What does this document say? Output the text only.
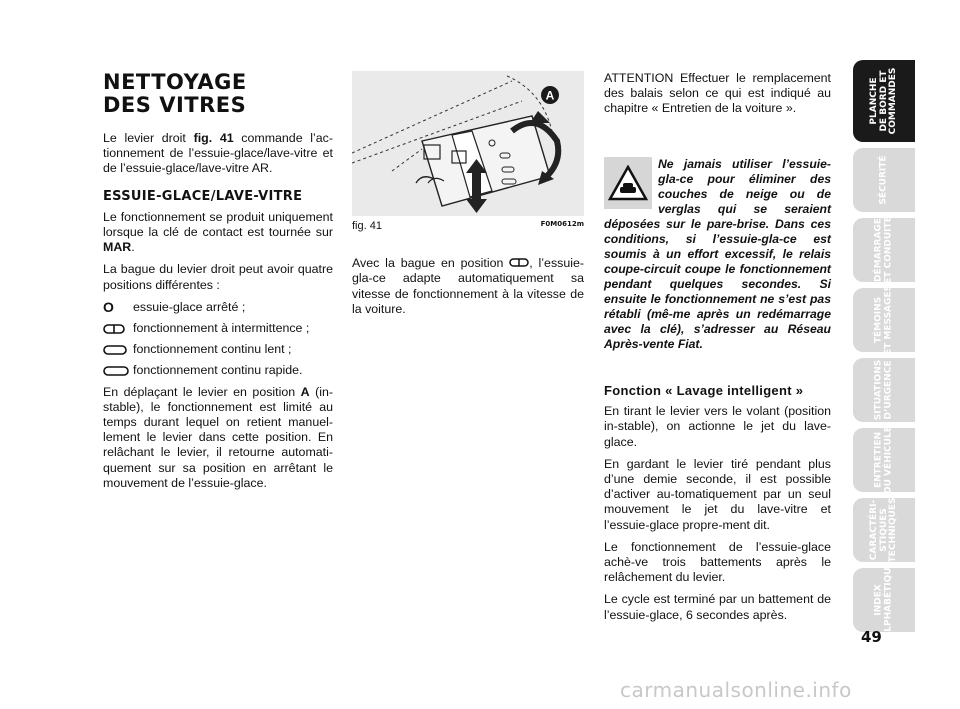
NETTOYAGE
DES VITRES

Le levier droit fig. 41 commande l’ac-tionnement de l’essuie-glace/lave-vitre et de l’essuie-glace/lave-vitre AR.

ESSUIE-GLACE/LAVE-VITRE

Le fonctionnement se produit uniquement lorsque la clé de contact est tournée sur MAR.

La bague du levier droit peut avoir quatre positions différentes :

O essuie-glace arrêté ;
fonctionnement à intermittence ;
fonctionnement continu lent ;
fonctionnement continu rapide.

En déplaçant le levier en position A (in-stable), le fonctionnement est limité au temps durant lequel on retient manuel-lement le levier dans cette position. En relâchant le levier, il retourne automati-quement sur sa position en arrêtant le mouvement de l’essuie-glace.

A
fig. 41	F0M0612m

Avec la bague en position , l’essuie-gla-ce adapte automatiquement sa vitesse de fonctionnement à la vitesse de la voiture.

ATTENTION Effectuer le remplacement des balais selon ce qui est indiqué au chapitre « Entretien de la voiture ».

Ne jamais utiliser l’essuie-gla-ce pour éliminer des couches de neige ou de verglas qui se seraient déposées sur le pare-brise. Dans ces conditions, si l’essuie-gla-ce est soumis à un effort excessif, le relais coupe-circuit coupe le fonctionnement pendant quelques secondes. Si ensuite le fonctionnement ne s’est pas rétabli (mê-me après un redémarrage avec la clé), s’adresser au Réseau Après-vente Fiat.
Fonction « Lavage intelligent »

En tirant le levier vers le volant (position in-stable), on actionne le jet du lave-glace.

En gardant le levier tiré pendant plus d’une demie seconde, il est possible d’activer au-tomatiquement par un seul mouvement le jet du lave-vitre et l’essuie-glace propre-ment dit.

Le fonctionnement de l’essuie-glace achè-ve trois battements après le relâchement du levier.

Le cycle est terminé par un battement de l’essuie-glace, 6 secondes après.

PLANCHE
DE BORD ET
COMMANDES
SÉCURITÉ
DÉMARRAGE
ET CONDUITE
TÉMOINS
ET MESSAGES
SITUATIONS
D’URGENCE
ENTRETIEN
DU VÉHICULE
CARACTÉRI-
STIQUES
TECHNIQUES
INDEX
ALPHABÉTIQUE
49
carmanualsonline.info
